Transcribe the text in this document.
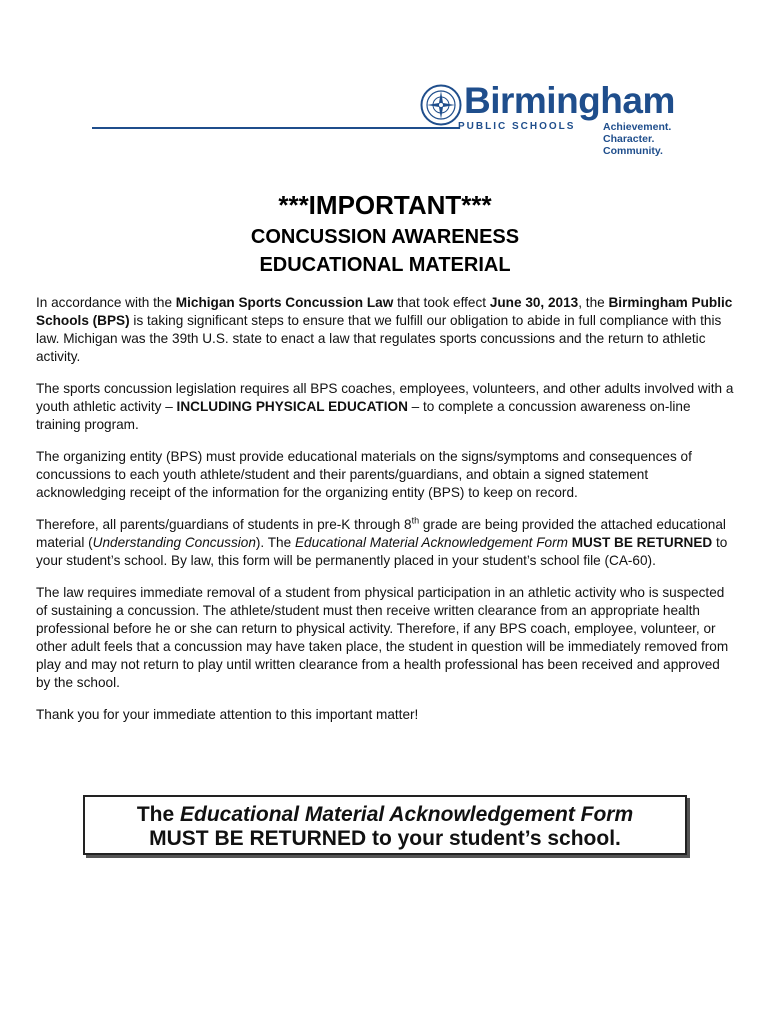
Birmingham
PUBLIC SCHOOLS	Achievement.
Character.
Community.
***IMPORTANT***
CONCUSSION AWARENESS
EDUCATIONAL MATERIAL

In accordance with the Michigan Sports Concussion Law that took effect June 30, 2013, the Birmingham Public Schools (BPS) is taking significant steps to ensure that we fulfill our obligation to abide in full compliance with this law. Michigan was the 39th U.S. state to enact a law that regulates sports concussions and the return to athletic activity.

The sports concussion legislation requires all BPS coaches, employees, volunteers, and other adults involved with a youth athletic activity – INCLUDING PHYSICAL EDUCATION – to complete a concussion awareness on-line training program.

The organizing entity (BPS) must provide educational materials on the signs/symptoms and consequences of concussions to each youth athlete/student and their parents/guardians, and obtain a signed statement acknowledging receipt of the information for the organizing entity (BPS) to keep on record.

Therefore, all parents/guardians of students in pre-K through 8th grade are being provided the attached educational material (Understanding Concussion). The Educational Material Acknowledgement Form MUST BE RETURNED to your student’s school. By law, this form will be permanently placed in your student’s school file (CA-60).

The law requires immediate removal of a student from physical participation in an athletic activity who is suspected of sustaining a concussion. The athlete/student must then receive written clearance from an appropriate health professional before he or she can return to physical activity. Therefore, if any BPS coach, employee, volunteer, or other adult feels that a concussion may have taken place, the student in question will be immediately removed from play and may not return to play until written clearance from a health professional has been received and approved by the school.

Thank you for your immediate attention to this important matter!

The Educational Material Acknowledgement Form
MUST BE RETURNED to your student’s school.
